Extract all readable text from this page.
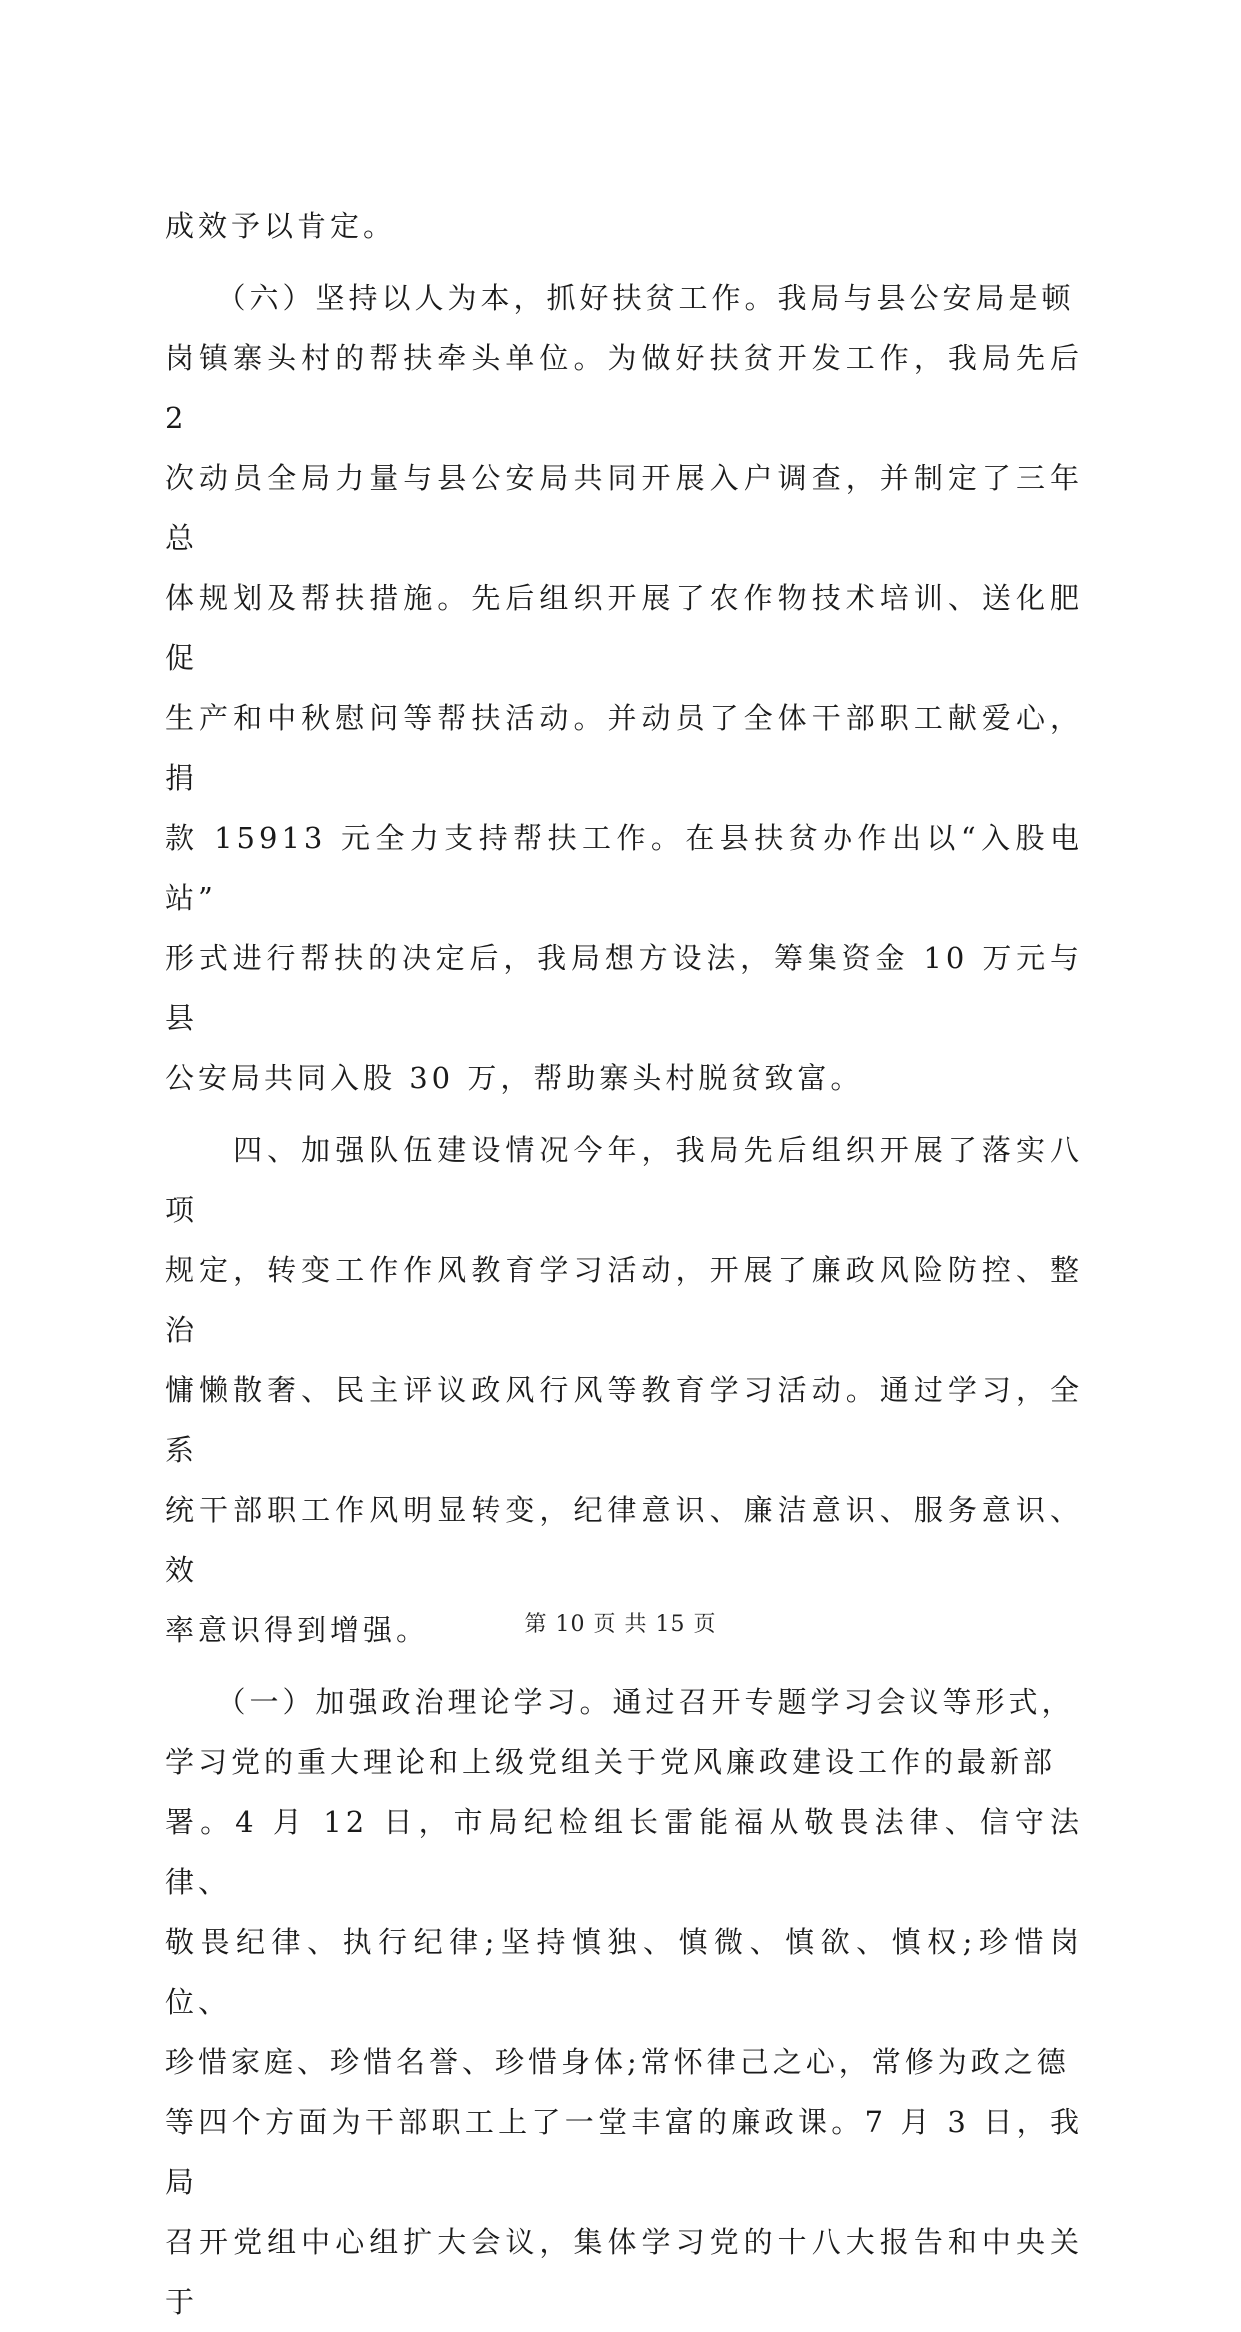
成效予以肯定。

　　（六）坚持以人为本，抓好扶贫工作。我局与县公安局是顿

岗镇寨头村的帮扶牵头单位。为做好扶贫开发工作，我局先后 2

次动员全局力量与县公安局共同开展入户调查，并制定了三年总

体规划及帮扶措施。先后组织开展了农作物技术培训、送化肥促

生产和中秋慰问等帮扶活动。并动员了全体干部职工献爱心，捐

款 15913 元全力支持帮扶工作。在县扶贫办作出以“入股电站”

形式进行帮扶的决定后，我局想方设法，筹集资金 10 万元与县

公安局共同入股 30 万，帮助寨头村脱贫致富。

　　四、加强队伍建设情况今年，我局先后组织开展了落实八项

规定，转变工作作风教育学习活动，开展了廉政风险防控、整治

慵懒散奢、民主评议政风行风等教育学习活动。通过学习，全系

统干部职工作风明显转变，纪律意识、廉洁意识、服务意识、效

率意识得到增强。

　　（一）加强政治理论学习。通过召开专题学习会议等形式，

学习党的重大理论和上级党组关于党风廉政建设工作的最新部

署。4 月 12 日，市局纪检组长雷能福从敬畏法律、信守法律、

敬畏纪律、执行纪律;坚持慎独、慎微、慎欲、慎权;珍惜岗位、

珍惜家庭、珍惜名誉、珍惜身体;常怀律己之心，常修为政之德

等四个方面为干部职工上了一堂丰富的廉政课。7 月 3 日，我局

召开党组中心组扩大会议，集体学习党的十八大报告和中央关于

第 10 页 共 15 页
